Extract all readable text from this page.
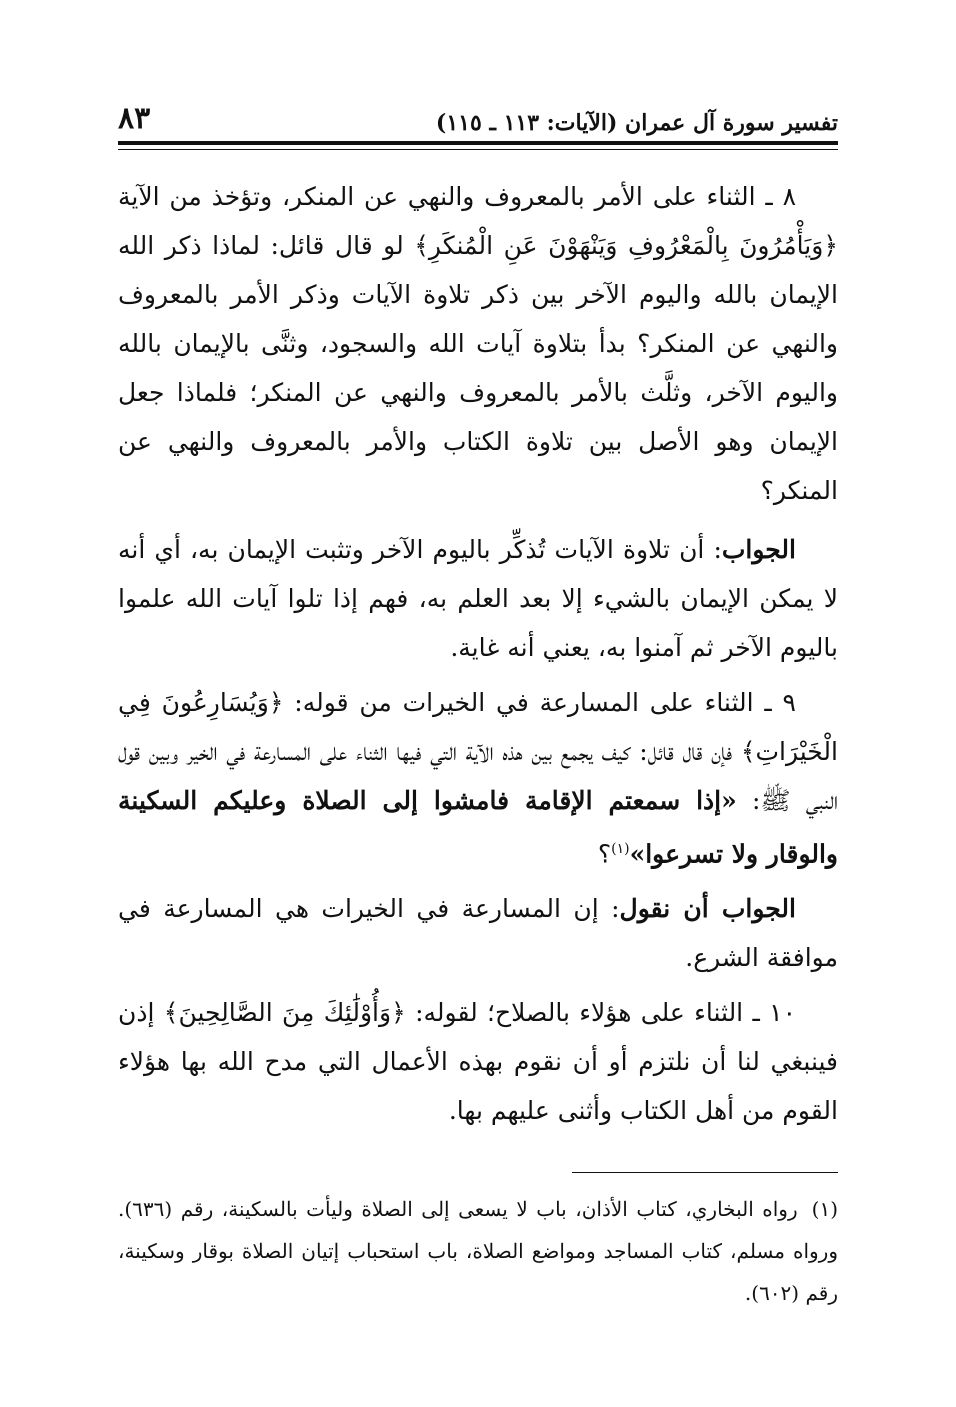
تفسير سورة آل عمران (الآيات: ١١٣ ـ ١١٥)
٨٣

٨ ـ الثناء على الأمر بالمعروف والنهي عن المنكر، وتؤخذ من الآية ﴿وَيَأْمُرُونَ بِالْمَعْرُوفِ وَيَنْهَوْنَ عَنِ الْمُنكَرِ﴾ لو قال قائل: لماذا ذكر الله الإيمان بالله واليوم الآخر بين ذكر تلاوة الآيات وذكر الأمر بالمعروف والنهي عن المنكر؟ بدأ بتلاوة آيات الله والسجود، وثنَّى بالإيمان بالله واليوم الآخر، وثلَّث بالأمر بالمعروف والنهي عن المنكر؛ فلماذا جعل الإيمان وهو الأصل بين تلاوة الكتاب والأمر بالمعروف والنهي عن المنكر؟

الجواب: أن تلاوة الآيات تُذكِّر باليوم الآخر وتثبت الإيمان به، أي أنه لا يمكن الإيمان بالشيء إلا بعد العلم به، فهم إذا تلوا آيات الله علموا باليوم الآخر ثم آمنوا به، يعني أنه غاية.

٩ ـ الثناء على المسارعة في الخيرات من قوله: ﴿وَيُسَارِعُونَ فِي الْخَيْرَاتِ﴾ فإن قال قائل: كيف يجمع بين هذه الآية التي فيها الثناء على المسارعة في الخير وبين قول النبي ﷺ: «إذا سمعتم الإقامة فامشوا إلى الصلاة وعليكم السكينة والوقار ولا تسرعوا»$^{(١)}$؟

الجواب أن نقول: إن المسارعة في الخيرات هي المسارعة في موافقة الشرع.

١٠ ـ الثناء على هؤلاء بالصلاح؛ لقوله: ﴿وَأُوْلَٰئِكَ مِنَ الصَّالِحِينَ﴾ إذن فينبغي لنا أن نلتزم أو أن نقوم بهذه الأعمال التي مدح الله بها هؤلاء القوم من أهل الكتاب وأثنى عليهم بها.

(١)رواه البخاري، كتاب الأذان، باب لا يسعى إلى الصلاة وليأت بالسكينة، رقم (٦٣٦). ورواه مسلم، كتاب المساجد ومواضع الصلاة، باب استحباب إتيان الصلاة بوقار وسكينة، رقم (٦٠٢).
